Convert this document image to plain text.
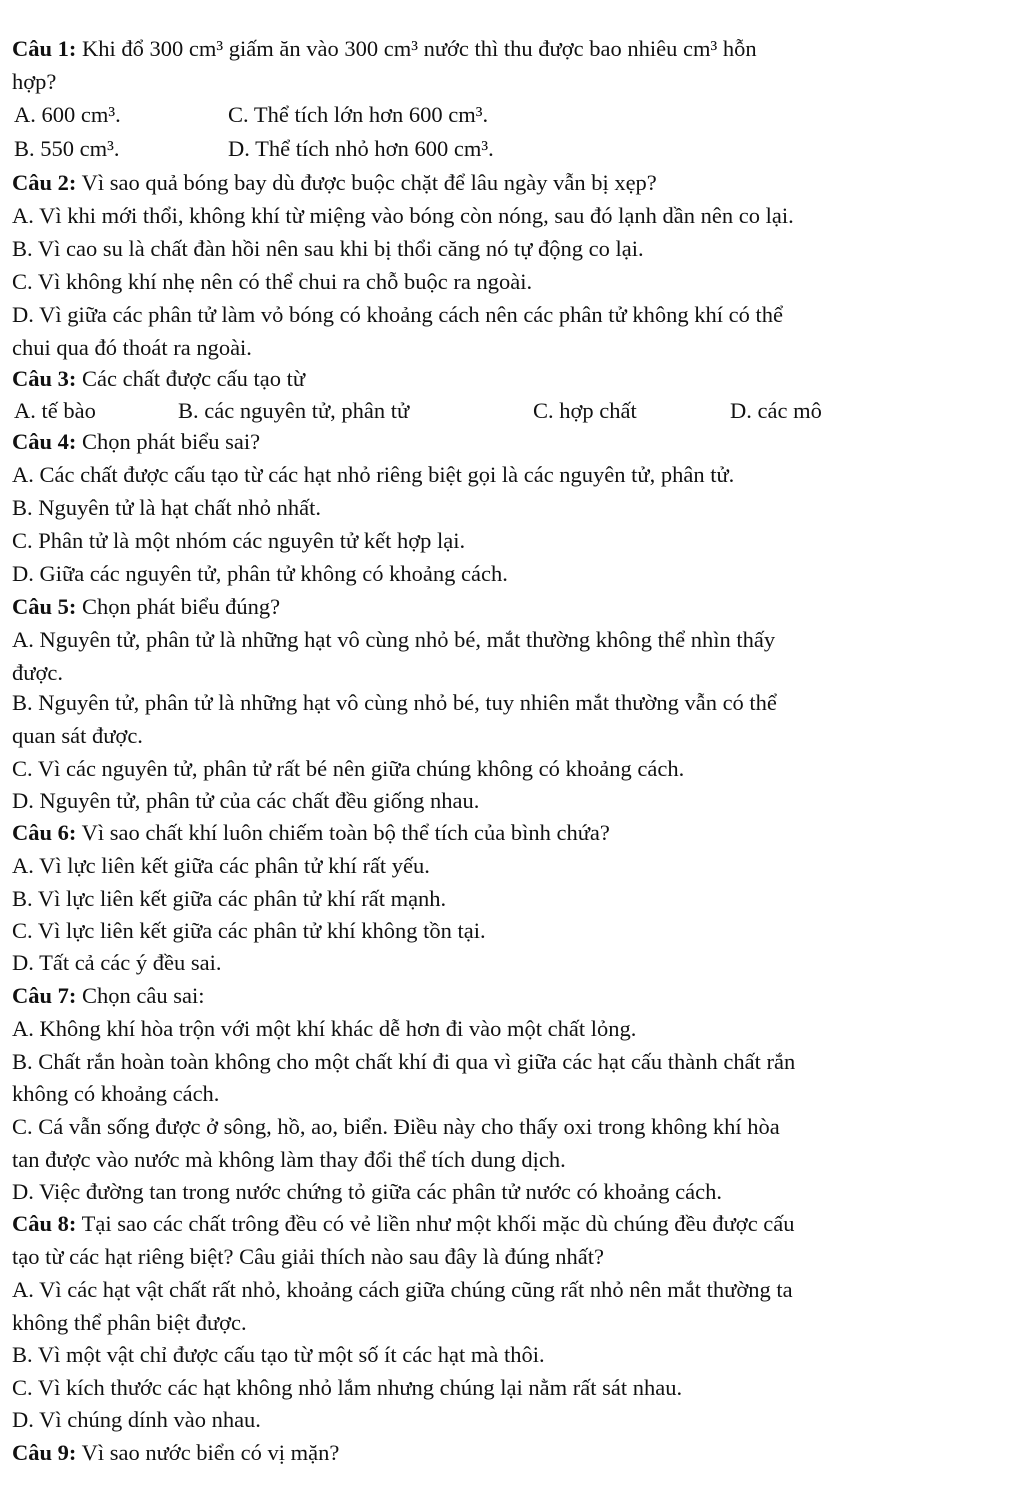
Câu 1: Khi đổ 300 cm³ giấm ăn vào 300 cm³ nước thì thu được bao nhiêu cm³ hỗn

hợp?

A. 600 cm³.	C. Thể tích lớn hơn 600 cm³.

B. 550 cm³.	D. Thể tích nhỏ hơn 600 cm³.

Câu 2: Vì sao quả bóng bay dù được buộc chặt để lâu ngày vẫn bị xẹp?

A. Vì khi mới thổi, không khí từ miệng vào bóng còn nóng, sau đó lạnh dần nên co lại.

B. Vì cao su là chất đàn hồi nên sau khi bị thổi căng nó tự động co lại.

C. Vì không khí nhẹ nên có thể chui ra chỗ buộc ra ngoài.

D. Vì giữa các phân tử làm vỏ bóng có khoảng cách nên các phân tử không khí có thể

chui qua đó thoát ra ngoài.

Câu 3: Các chất được cấu tạo từ

A. tế bào	B. các nguyên tử, phân tử	C. hợp chất	D. các mô

Câu 4: Chọn phát biểu sai?

A. Các chất được cấu tạo từ các hạt nhỏ riêng biệt gọi là các nguyên tử, phân tử.

B. Nguyên tử là hạt chất nhỏ nhất.

C. Phân tử là một nhóm các nguyên tử kết hợp lại.

D. Giữa các nguyên tử, phân tử không có khoảng cách.

Câu 5: Chọn phát biểu đúng?

A. Nguyên tử, phân tử là những hạt vô cùng nhỏ bé, mắt thường không thể nhìn thấy

được.

B. Nguyên tử, phân tử là những hạt vô cùng nhỏ bé, tuy nhiên mắt thường vẫn có thể

quan sát được.

C. Vì các nguyên tử, phân tử rất bé nên giữa chúng không có khoảng cách.

D. Nguyên tử, phân tử của các chất đều giống nhau.

Câu 6: Vì sao chất khí luôn chiếm toàn bộ thể tích của bình chứa?

A. Vì lực liên kết giữa các phân tử khí rất yếu.

B. Vì lực liên kết giữa các phân tử khí rất mạnh.

C. Vì lực liên kết giữa các phân tử khí không tồn tại.

D. Tất cả các ý đều sai.

Câu 7: Chọn câu sai:

A. Không khí hòa trộn với một khí khác dễ hơn đi vào một chất lỏng.

B. Chất rắn hoàn toàn không cho một chất khí đi qua vì giữa các hạt cấu thành chất rắn

không có khoảng cách.

C. Cá vẫn sống được ở sông, hồ, ao, biển. Điều này cho thấy oxi trong không khí hòa

tan được vào nước mà không làm thay đổi thể tích dung dịch.

D. Việc đường tan trong nước chứng tỏ giữa các phân tử nước có khoảng cách.

Câu 8: Tại sao các chất trông đều có vẻ liền như một khối mặc dù chúng đều được cấu

tạo từ các hạt riêng biệt? Câu giải thích nào sau đây là đúng nhất?

A. Vì các hạt vật chất rất nhỏ, khoảng cách giữa chúng cũng rất nhỏ nên mắt thường ta

không thể phân biệt được.

B. Vì một vật chỉ được cấu tạo từ một số ít các hạt mà thôi.

C. Vì kích thước các hạt không nhỏ lắm nhưng chúng lại nằm rất sát nhau.

D. Vì chúng dính vào nhau.

Câu 9: Vì sao nước biển có vị mặn?
